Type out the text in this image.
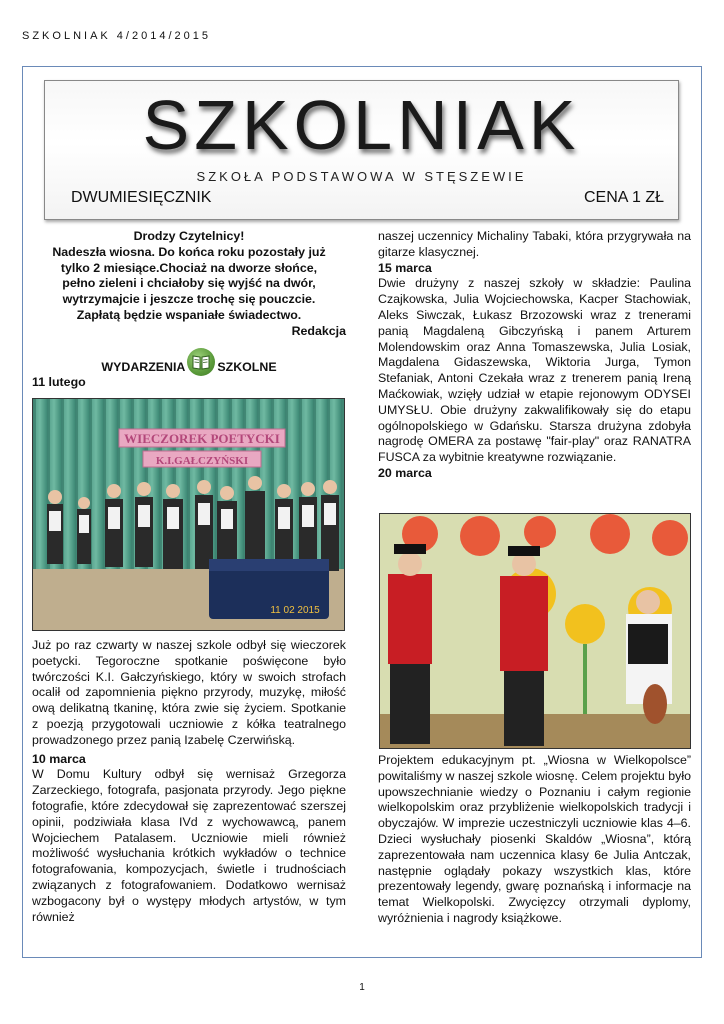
SZKOLNIAK 4/2014/2015
SZKOLNIAK
SZKOŁA PODSTAWOWA W STĘSZEWIE
DWUMIESIĘCZNIK	CENA 1 ZŁ
Drodzy Czytelnicy!
Nadeszła wiosna. Do końca roku pozostały już
tylko 2 miesiące.Chociaż na dworze słońce,
pełno zieleni i chciałoby się wyjść na dwór,
wytrzymajcie i jeszcze trochę się pouczcie.
Zapłatą będzie wspaniałe świadectwo.
Redakcja
WYDARZENIA	SZKOLNE
11 lutego
WIECZOREK POETYCKI
K.I.GAŁCZYŃSKI
11 02 2015
Już po raz czwarty w naszej szkole odbył się wieczorek poetycki. Tegoroczne spotkanie poświęcone było twórczości K.I. Gałczyńskiego, który w swoich strofach ocalił od zapomnienia piękno przyrody, muzykę, miłość ową delikatną tkaninę, która zwie się życiem. Spotkanie z poezją przygotowali uczniowie z kółka teatralnego prowadzonego przez panią Izabelę Czerwińską.
10 marca
W Domu Kultury odbył się wernisaż Grzegorza Zarzeckiego, fotografa, pasjonata przyrody. Jego piękne fotografie, które zdecydował się zaprezentować szerszej opinii, podziwiała klasa IVd z wychowawcą, panem Wojciechem Patalasem. Uczniowie mieli również możliwość wysłuchania krótkich wykładów o technice fotografowania, kompozycjach, świetle i trudnościach związanych z fotografowaniem. Dodatkowo wernisaż wzbogacony był o występy młodych artystów, w tym również
naszej uczennicy Michaliny Tabaki, która przygrywała na gitarze klasycznej.
15 marca
Dwie drużyny z naszej szkoły w składzie: Paulina Czajkowska, Julia Wojciechowska, Kacper Stachowiak, Aleks Siwczak, Łukasz Brzozowski wraz z trenerami panią Magdaleną Gibczyńską i panem Arturem Molendowskim oraz Anna Tomaszewska, Julia Losiak, Magdalena Gidaszewska, Wiktoria Jurga, Tymon Stefaniak, Antoni Czekała wraz z trenerem panią Ireną Maćkowiak, wzięły udział w etapie rejonowym ODYSEI UMYSŁU. Obie drużyny zakwalifikowały się do etapu ogólnopolskiego w Gdańsku. Starsza drużyna zdobyła nagrodę OMERA za postawę "fair-play" oraz RANATRA FUSCA za wybitnie kreatywne rozwiązanie.
20 marca
Projektem edukacyjnym pt. „Wiosna w Wielkopolsce” powitaliśmy w naszej szkole wiosnę. Celem projektu było upowszechnianie wiedzy o Poznaniu i całym regionie wielkopolskim oraz przybliżenie wielkopolskich tradycji i obyczajów. W imprezie uczestniczyli uczniowie klas 4–6. Dzieci wysłuchały piosenki Skaldów „Wiosna”, którą zaprezentowała nam uczennica klasy 6e Julia Antczak, następnie oglądały pokazy wszystkich klas, które prezentowały legendy, gwarę poznańską i informacje na temat Wielkopolski. Zwycięzcy otrzymali dyplomy, wyróżnienia i nagrody książkowe.
1
